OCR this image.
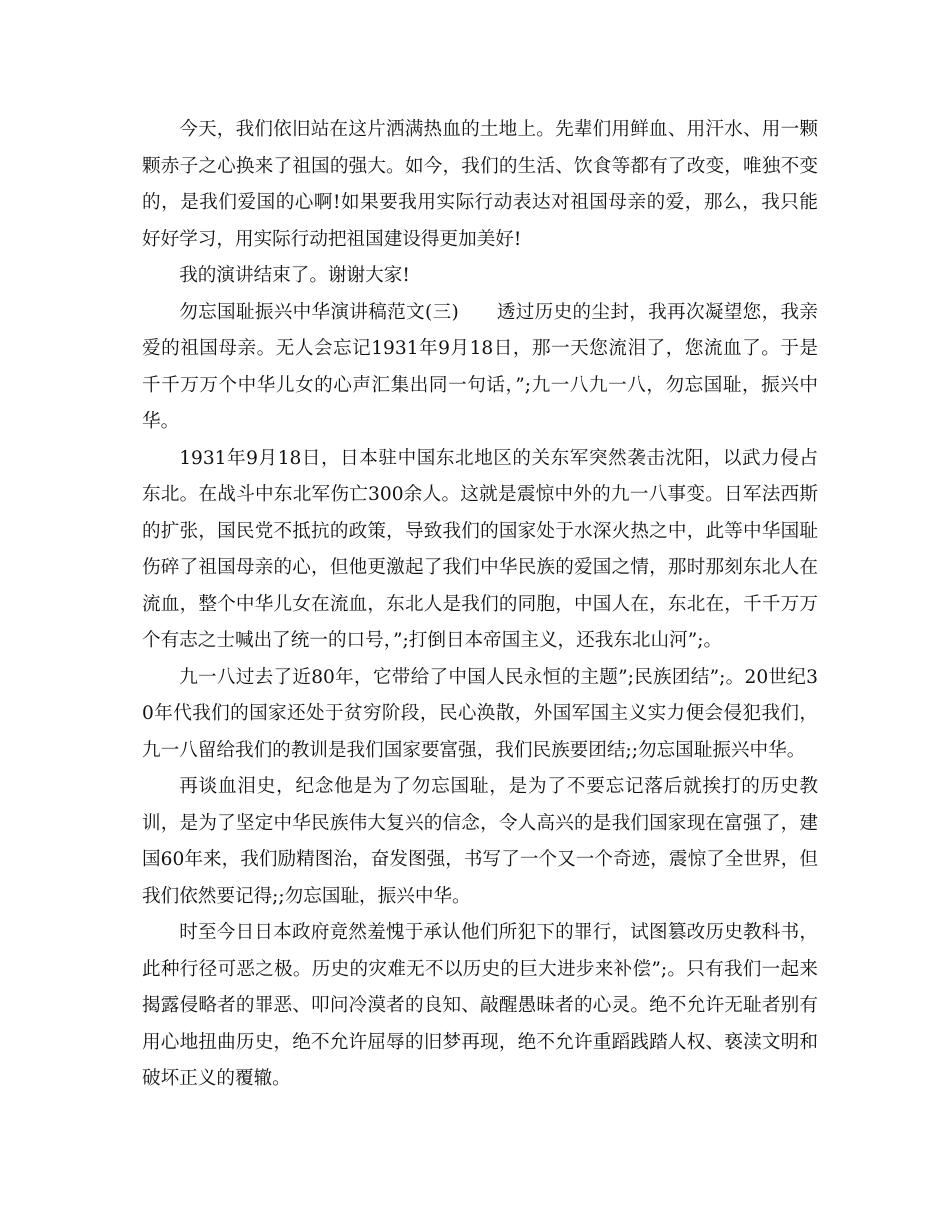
今天，我们依旧站在这片洒满热血的土地上。先辈们用鲜血、用汗水、用一颗颗赤子之心换来了祖国的强大。如今，我们的生活、饮食等都有了改变，唯独不变的，是我们爱国的心啊!如果要我用实际行动表达对祖国母亲的爱，那么，我只能好好学习，用实际行动把祖国建设得更加美好!

我的演讲结束了。谢谢大家!

勿忘国耻振兴中华演讲稿范文(三)　　透过历史的尘封，我再次凝望您，我亲爱的祖国母亲。无人会忘记1931年9月18日，那一天您流泪了，您流血了。于是千千万万个中华儿女的心声汇集出同一句话，”;九一八九一八，勿忘国耻，振兴中华。

1931年9月18日，日本驻中国东北地区的关东军突然袭击沈阳，以武力侵占东北。在战斗中东北军伤亡300余人。这就是震惊中外的九一八事变。日军法西斯的扩张，国民党不抵抗的政策，导致我们的国家处于水深火热之中，此等中华国耻伤碎了祖国母亲的心，但他更激起了我们中华民族的爱国之情，那时那刻东北人在流血，整个中华儿女在流血，东北人是我们的同胞，中国人在，东北在，千千万万个有志之士喊出了统一的口号，”;打倒日本帝国主义，还我东北山河”;。

九一八过去了近80年，它带给了中国人民永恒的主题”;民族团结”;。20世纪30年代我们的国家还处于贫穷阶段，民心涣散，外国军国主义实力便会侵犯我们，九一八留给我们的教训是我们国家要富强，我们民族要团结;;勿忘国耻振兴中华。

再谈血泪史，纪念他是为了勿忘国耻，是为了不要忘记落后就挨打的历史教训，是为了坚定中华民族伟大复兴的信念，令人高兴的是我们国家现在富强了，建国60年来，我们励精图治，奋发图强，书写了一个又一个奇迹，震惊了全世界，但我们依然要记得;;勿忘国耻，振兴中华。

时至今日日本政府竟然羞愧于承认他们所犯下的罪行，试图篡改历史教科书，此种行径可恶之极。历史的灾难无不以历史的巨大进步来补偿”;。只有我们一起来揭露侵略者的罪恶、叩问冷漠者的良知、敲醒愚昧者的心灵。绝不允许无耻者别有用心地扭曲历史，绝不允许屈辱的旧梦再现，绝不允许重蹈践踏人权、亵渎文明和破坏正义的覆辙。
